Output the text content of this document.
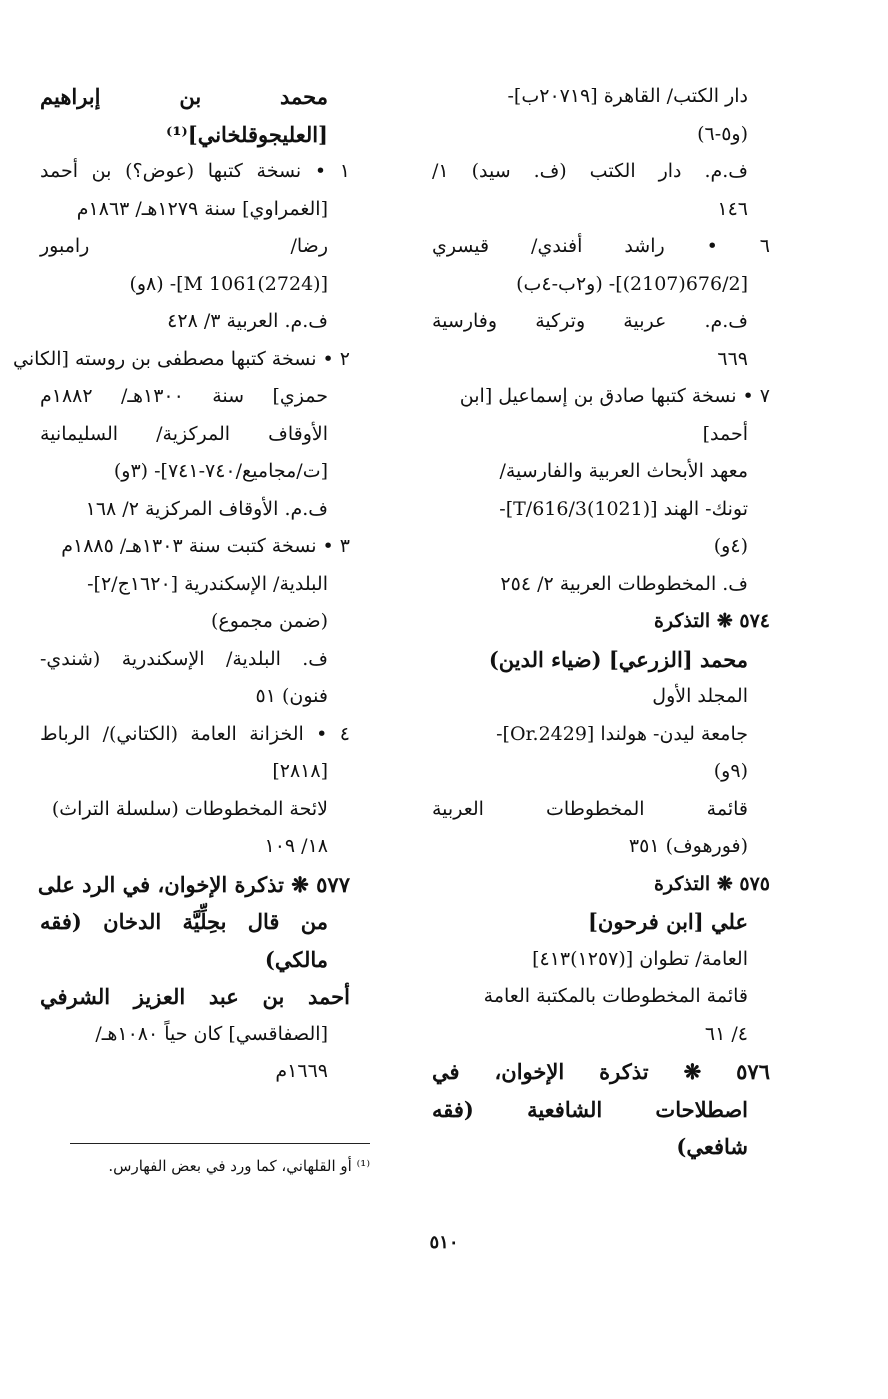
دار الكتب/ القاهرة [٢٠٧١٩ب]-
(و٥-٦)
ف.م. دار الكتب (ف. سيد) ١/
١٤٦
٦ • راشد أفندي/ قيسري
[676/2(2107)]- (و٢ب-٤ب)
ف.م. عربية وتركية وفارسية
٦٦٩
٧ • نسخة كتبها صادق بن إسماعيل [ابن
أحمد]
معهد الأبحاث العربية والفارسية/
تونك- الهند [T/616/3(1021)]-
(٤و)
ف. المخطوطات العربية ٢/ ٢٥٤
٥٧٤ ❋ التذكرة
محمد [الزرعي] (ضياء الدين)
المجلد الأول
جامعة ليدن- هولندا [Or.2429]-
(٩و)
قائمة المخطوطات العربية
(فورهوف) ٣٥١
٥٧٥ ❋ التذكرة
علي [ابن فرحون]
العامة/ تطوان [(١٢٥٧)٤١٣]
قائمة المخطوطات بالمكتبة العامة
٤/ ٦١
٥٧٦ ❋ تذكرة الإخوان، في
اصطلاحات الشافعية (فقه
شافعي)
محمد بن إبراهيم
[العليجوقلخاني]⁽¹⁾
١ • نسخة كتبها (عوض؟) بن أحمد
[الغمراوي] سنة ١٢٧٩هـ/ ١٨٦٣م
رضا/ رامبور
[M 1061(2724)]- (٨و)
ف.م. العربية ٣/ ٤٢٨
٢ • نسخة كتبها مصطفى بن روسته [الكاني
حمزي] سنة ١٣٠٠هـ/ ١٨٨٢م
الأوقاف المركزية/ السليمانية
[ت/مجاميع/٧٤٠-٧٤١]- (٣و)
ف.م. الأوقاف المركزية ٢/ ١٦٨
٣ • نسخة كتبت سنة ١٣٠٣هـ/ ١٨٨٥م
البلدية/ الإسكندرية [١٦٢٠ج/٢]-
(ضمن مجموع)
ف. البلدية/ الإسكندرية (شندي-
فنون) ٥١
٤ • الخزانة العامة (الكتاني)/ الرباط
[٢٨١٨]
لائحة المخطوطات (سلسلة التراث)
١٨/ ١٠٩
٥٧٧ ❋ تذكرة الإخوان، في الرد على
من قال بحِلِّيَّة الدخان (فقه
مالكي)
أحمد بن عبد العزيز الشرفي
[الصفاقسي] كان حياً ١٠٨٠هـ/
١٦٦٩م
⁽¹⁾ أو القلهاني، كما ورد في بعض الفهارس.
٥١٠
